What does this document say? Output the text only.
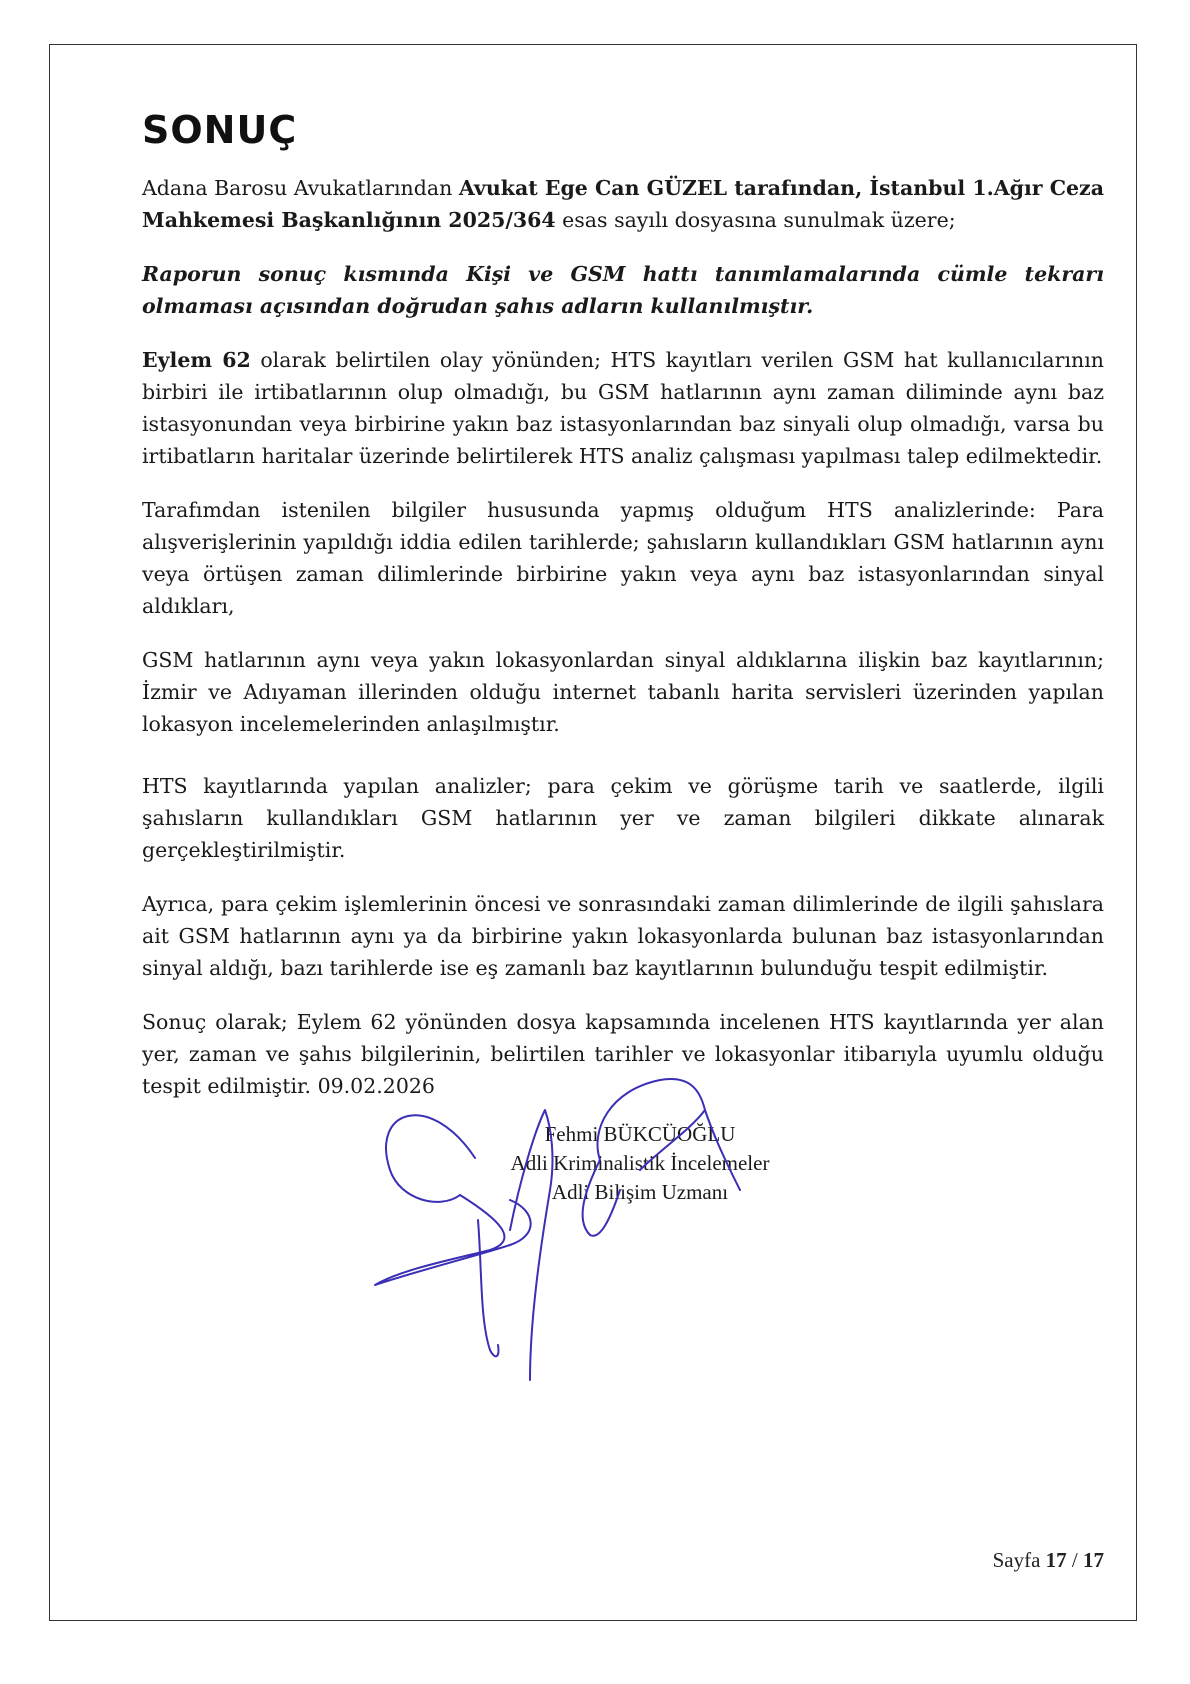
SONUÇ

Adana Barosu Avukatlarından Avukat Ege Can GÜZEL tarafından, İstanbul 1.Ağır Ceza Mahkemesi Başkanlığının 2025/364 esas sayılı dosyasına sunulmak üzere;

Raporun sonuç kısmında Kişi ve GSM hattı tanımlamalarında cümle tekrarı olmaması açısından doğrudan şahıs adların kullanılmıştır.

Eylem 62 olarak belirtilen olay yönünden; HTS kayıtları verilen GSM hat kullanıcılarının birbiri ile irtibatlarının olup olmadığı, bu GSM hatlarının aynı zaman diliminde aynı baz istasyonundan veya birbirine yakın baz istasyonlarından baz sinyali olup olmadığı, varsa bu irtibatların haritalar üzerinde belirtilerek HTS analiz çalışması yapılması talep edilmektedir.

Tarafımdan istenilen bilgiler hususunda yapmış olduğum HTS analizlerinde: Para alışverişlerinin yapıldığı iddia edilen tarihlerde; şahısların kullandıkları GSM hatlarının aynı veya örtüşen zaman dilimlerinde birbirine yakın veya aynı baz istasyonlarından sinyal aldıkları,

GSM hatlarının aynı veya yakın lokasyonlardan sinyal aldıklarına ilişkin baz kayıtlarının; İzmir ve Adıyaman illerinden olduğu internet tabanlı harita servisleri üzerinden yapılan lokasyon incelemelerinden anlaşılmıştır.

HTS kayıtlarında yapılan analizler; para çekim ve görüşme tarih ve saatlerde, ilgili şahısların kullandıkları GSM hatlarının yer ve zaman bilgileri dikkate alınarak gerçekleştirilmiştir.

Ayrıca, para çekim işlemlerinin öncesi ve sonrasındaki zaman dilimlerinde de ilgili şahıslara ait GSM hatlarının aynı ya da birbirine yakın lokasyonlarda bulunan baz istasyonlarından sinyal aldığı, bazı tarihlerde ise eş zamanlı baz kayıtlarının bulunduğu tespit edilmiştir.

Sonuç olarak; Eylem 62 yönünden dosya kapsamında incelenen HTS kayıtlarında yer alan yer, zaman ve şahıs bilgilerinin, belirtilen tarihler ve lokasyonlar itibarıyla uyumlu olduğu tespit edilmiştir. 09.02.2026

Fehmi BÜKCÜOĞLU
Adli Kriminalistik İncelemeler
Adli Bilişim Uzmanı
Sayfa 17 / 17
